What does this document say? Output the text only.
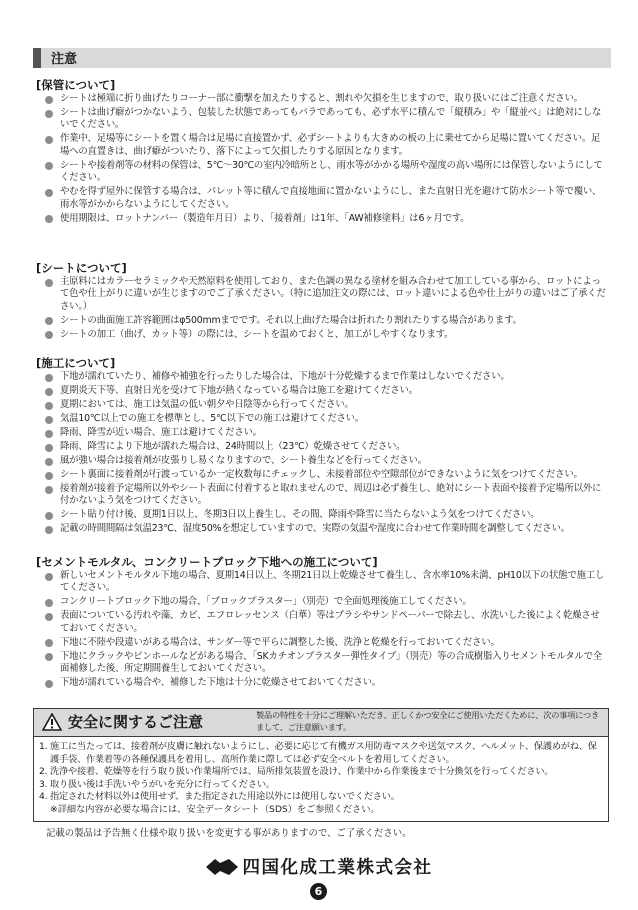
注意
[保管について]
シートは極端に折り曲げたりコーナー部に衝撃を加えたりすると、割れや欠損を生じますので、取り扱いにはご注意ください。
シートは曲げ癖がつかないよう、包装した状態であってもバラであっても、必ず水平に積んで「縦積み」や「縦並べ」は絶対にしないでください。
作業中、足場等にシートを置く場合は足場に直接置かず、必ずシートよりも大きめの板の上に乗せてから足場に置いてください。足場への直置きは、曲げ癖がついたり、落下によって欠損したりする原因となります。
シートや接着剤等の材料の保管は、5℃〜30℃の室内冷暗所とし、雨水等がかかる場所や湿度の高い場所には保管しないようにしてください。
やむを得ず屋外に保管する場合は、パレット等に積んで直接地面に置かないようにし、また直射日光を避けて防水シート等で覆い、雨水等がかからないようにしてください。
使用期限は、ロットナンバー（製造年月日）より、「接着剤」は1年、「AW補修塗料」は6ヶ月です。
[シートについて]
主原料にはカラーセラミックや天然原料を使用しており、また色調の異なる塗材を組み合わせて加工している事から、ロットによって色や仕上がりに違いが生じますのでご了承ください。（特に追加注文の際には、ロット違いによる色や仕上がりの違いはご了承ください。）
シートの曲面施工許容範囲はφ500mmまでです。それ以上曲げた場合は折れたり割れたりする場合があります。
シートの加工（曲げ、カット等）の際には、シートを温めておくと、加工がしやすくなります。
[施工について]
下地が濡れていたり、補修や補強を行ったりした場合は、下地が十分乾燥するまで作業はしないでください。
夏期炎天下等、直射日光を受けて下地が熱くなっている場合は施工を避けてください。
夏期においては、施工は気温の低い朝夕や日陰等から行ってください。
気温10℃以上での施工を標準とし、5℃以下での施工は避けてください。
降雨、降雪が近い場合、施工は避けてください。
降雨、降雪により下地が濡れた場合は、24時間以上（23℃）乾燥させてください。
風が強い場合は接着剤が皮張りし易くなりますので、シート養生などを行ってください。
シート裏面に接着剤が行渡っているか一定枚数毎にチェックし、未接着部位や空隙部位ができないように気をつけてください。
接着剤が接着予定場所以外やシート表面に付着すると取れませんので、周辺は必ず養生し、絶対にシート表面や接着予定場所以外に付かないよう気をつけてください。
シート貼り付け後、夏期1日以上、冬期3日以上養生し、その間、降雨や降雪に当たらないよう気をつけてください。
記載の時間間隔は気温23℃、湿度50%を想定していますので、実際の気温や湿度に合わせて作業時間を調整してください。
[セメントモルタル、コンクリートブロック下地への施工について]
新しいセメントモルタル下地の場合、夏期14日以上、冬期21日以上乾燥させて養生し、含水率10%未満、pH10以下の状態で施工してください。
コンクリートブロック下地の場合、「ブロックプラスター」（別売）で全面処理後施工してください。
表面についている汚れや藻、カビ、エフロレッセンス（白華）等はブラシやサンドペーパーで除去し、水洗いした後によく乾燥させておいてください。
下地に不陸や段違いがある場合は、サンダー等で平らに調整した後、洗浄と乾燥を行っておいてください。
下地にクラックやピンホールなどがある場合、「SKカチオンプラスター弾性タイプ」（別売）等の合成樹脂入りセメントモルタルで全面補修した後、所定期間養生しておいてください。
下地が濡れている場合や、補修した下地は十分に乾燥させておいてください。
安全に関するご注意	製品の特性を十分にご理解いただき、正しくかつ安全にご使用いただくために、次の事項につきまして、ご注意願います。
1. 施工に当たっては、接着剤が皮膚に触れないようにし、必要に応じて有機ガス用防毒マスクや送気マスク、ヘルメット、保護めがね、保護手袋、作業着等の各種保護具を着用し、高所作業に際しては必ず安全ベルトを着用してください。
2. 洗浄や接着、乾燥等を行う取り扱い作業場所では、局所排気装置を設け、作業中から作業後まで十分換気を行ってください。
3. 取り扱い後は手洗いやうがいを充分に行ってください。
4. 指定された材料以外は使用せず、また指定された用途以外には使用しないでください。
※詳細な内容が必要な場合には、安全データシート（SDS）をご参照ください。
記載の製品は予告無く仕様や取り扱いを変更する事がありますので、ご了承ください。
四国化成工業株式会社
6
